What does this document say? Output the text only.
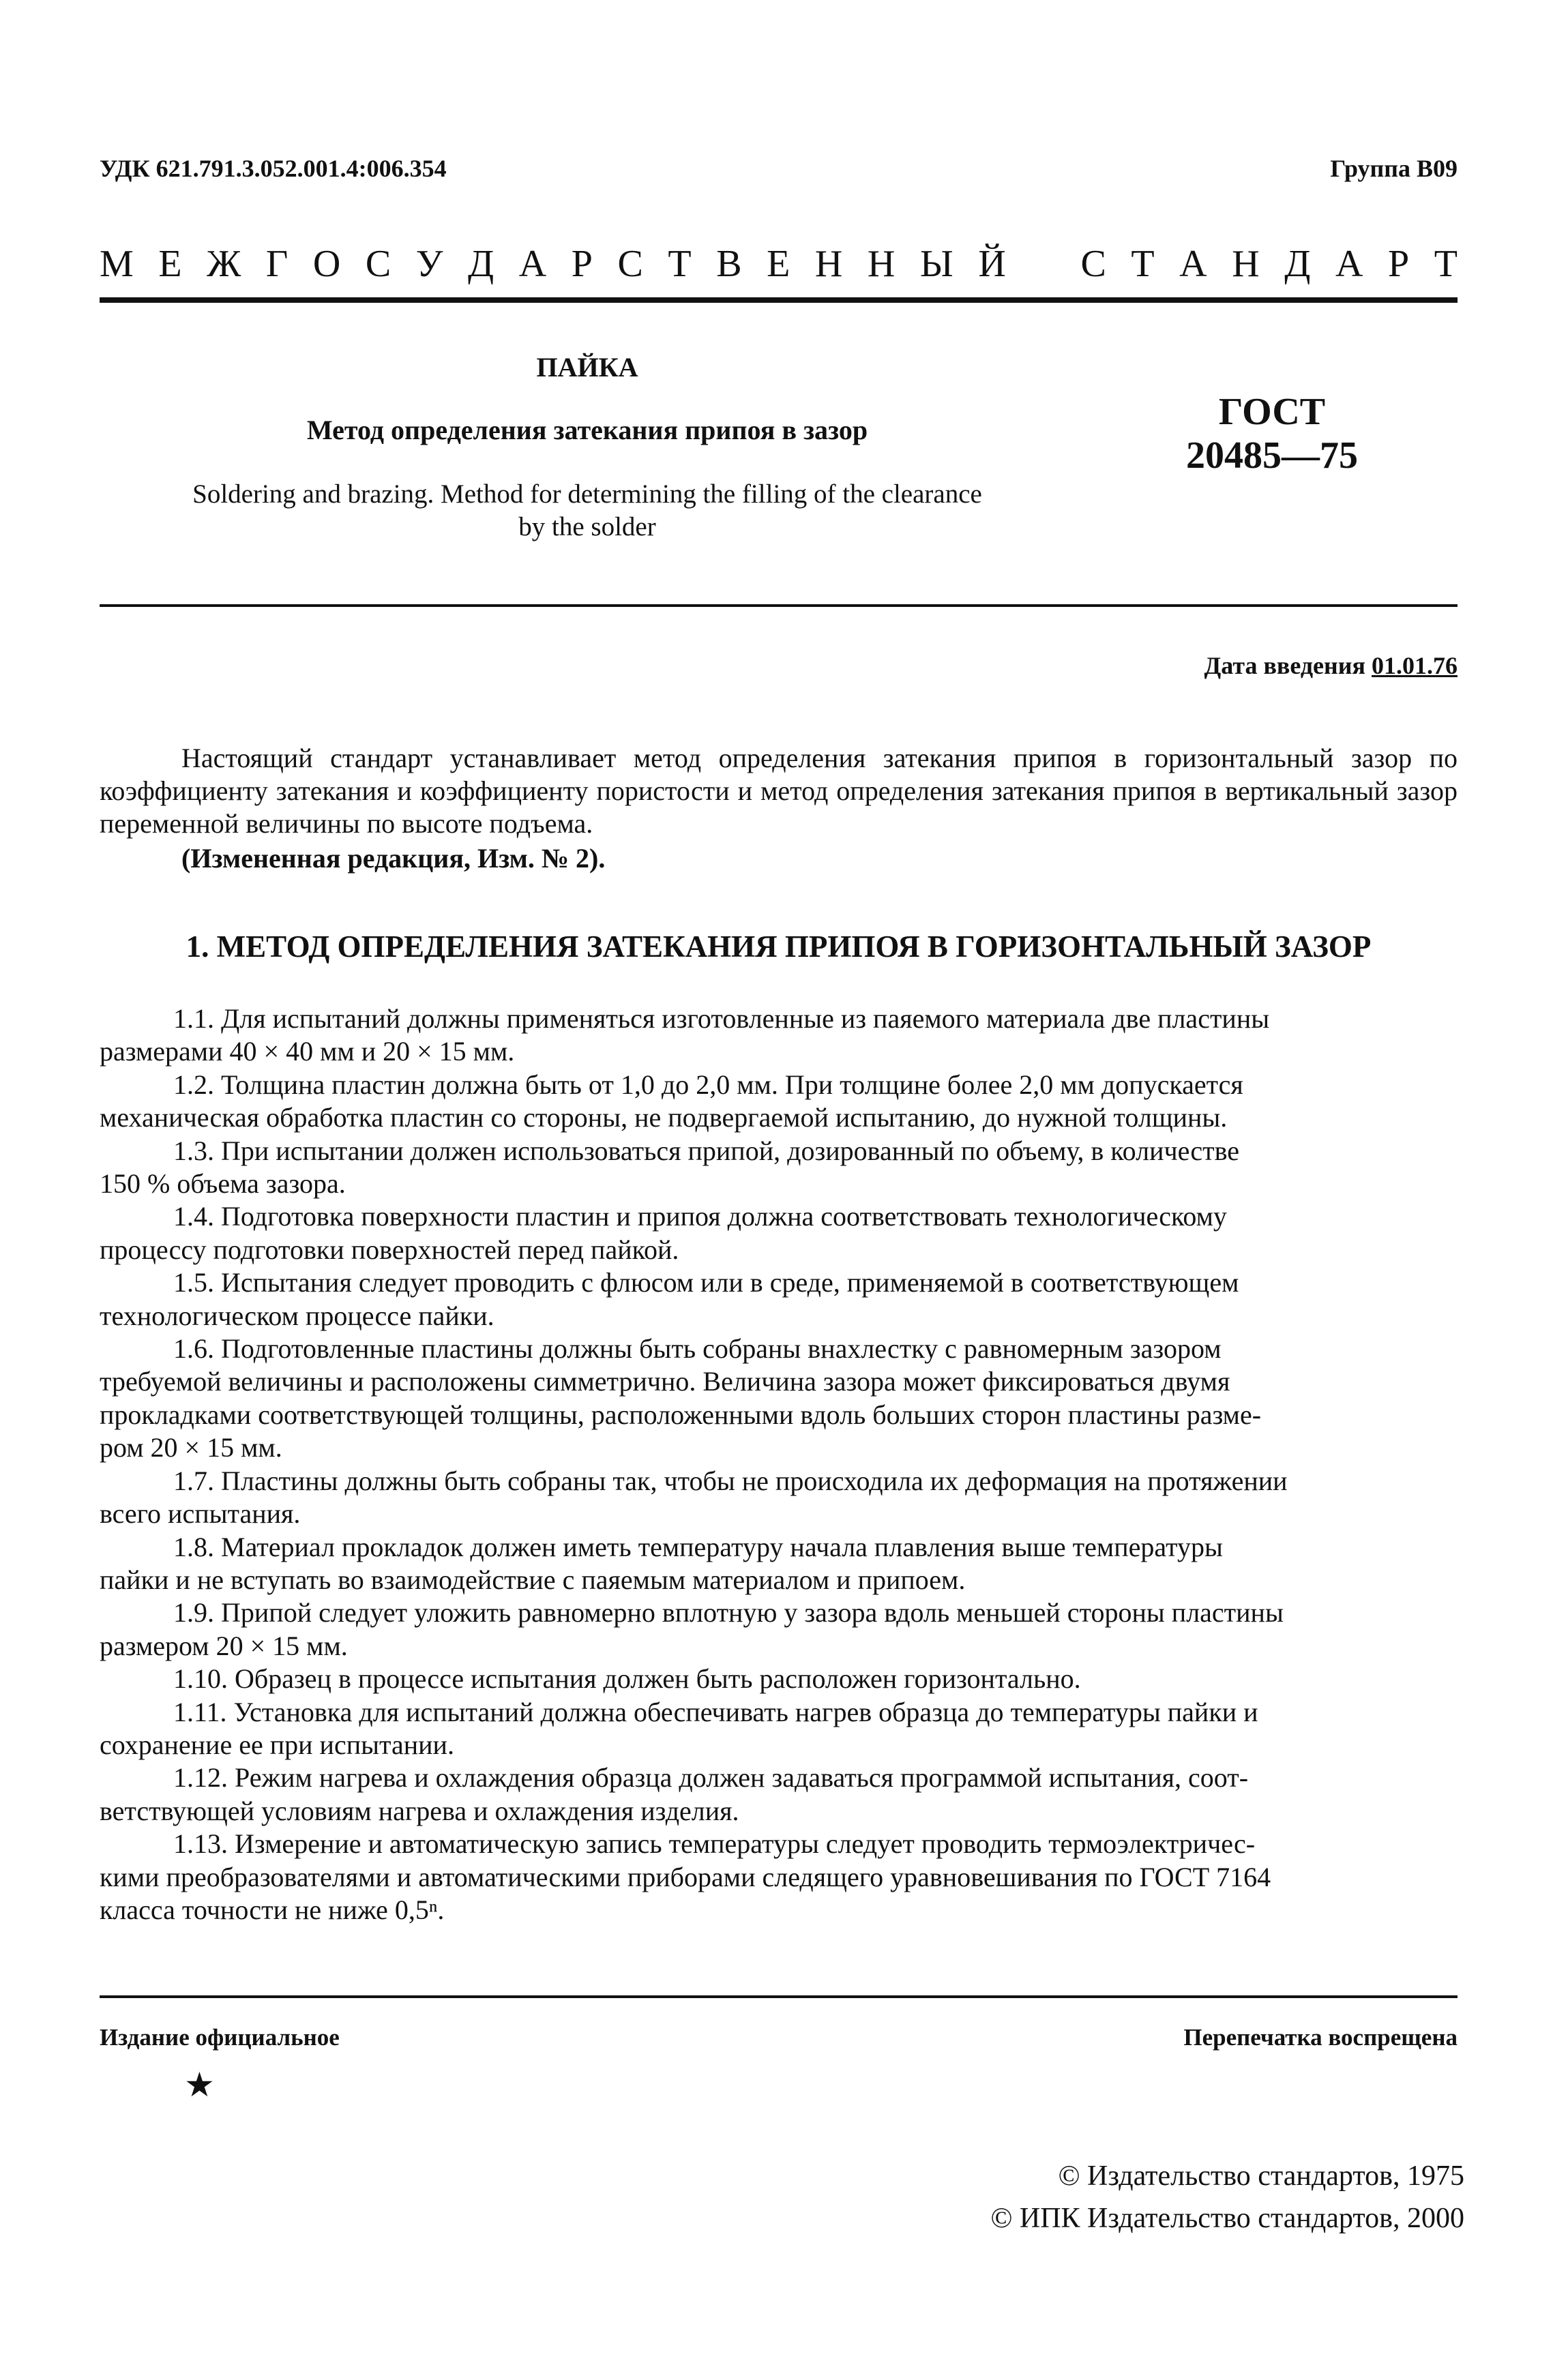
УДК 621.791.3.052.001.4:006.354	Группа В09
М Е Ж Г О С У Д А Р С Т В Е Н Н Ы Й С Т А Н Д А Р Т
ПАЙКА
Метод определения затекания припоя в зазор
Soldering and brazing. Method for determining the filling of the clearance
by the solder
ГОСТ
20485—75
Дата введения 01.01.76

Настоящий стандарт устанавливает метод определения затекания припоя в горизонтальный зазор по коэффициенту затекания и коэффициенту пористости и метод определения затекания припоя в вертикальный зазор переменной величины по высоте подъема.

(Измененная редакция, Изм. № 2).
1. МЕТОД ОПРЕДЕЛЕНИЯ ЗАТЕКАНИЯ ПРИПОЯ В ГОРИЗОНТАЛЬНЫЙ ЗАЗОР

1.1. Для испытаний должны применяться изготовленные из паяемого материала две пластины
размерами 40 × 40 мм и 20 × 15 мм.

1.2. Толщина пластин должна быть от 1,0 до 2,0 мм. При толщине более 2,0 мм допускается
механическая обработка пластин со стороны, не подвергаемой испытанию, до нужной толщины.

1.3. При испытании должен использоваться припой, дозированный по объему, в количестве
150 % объема зазора.

1.4. Подготовка поверхности пластин и припоя должна соответствовать технологическому
процессу подготовки поверхностей перед пайкой.

1.5. Испытания следует проводить с флюсом или в среде, применяемой в соответствующем
технологическом процессе пайки.

1.6. Подготовленные пластины должны быть собраны внахлестку с равномерным зазором
требуемой величины и расположены симметрично. Величина зазора может фиксироваться двумя
прокладками соответствующей толщины, расположенными вдоль больших сторон пластины разме-
ром 20 × 15 мм.

1.7. Пластины должны быть собраны так, чтобы не происходила их деформация на протяжении
всего испытания.

1.8. Материал прокладок должен иметь температуру начала плавления выше температуры
пайки и не вступать во взаимодействие с паяемым материалом и припоем.

1.9. Припой следует уложить равномерно вплотную у зазора вдоль меньшей стороны пластины
размером 20 × 15 мм.

1.10. Образец в процессе испытания должен быть расположен горизонтально.

1.11. Установка для испытаний должна обеспечивать нагрев образца до температуры пайки и
сохранение ее при испытании.

1.12. Режим нагрева и охлаждения образца должен задаваться программой испытания, соот-
ветствующей условиям нагрева и охлаждения изделия.

1.13. Измерение и автоматическую запись температуры следует проводить термоэлектричес-
кими преобразователями и автоматическими приборами следящего уравновешивания по ГОСТ 7164
класса точности не ниже 0,5ⁿ.

Издание официальное	Перепечатка воспрещена
★
© Издательство стандартов, 1975
© ИПК Издательство стандартов, 2000
